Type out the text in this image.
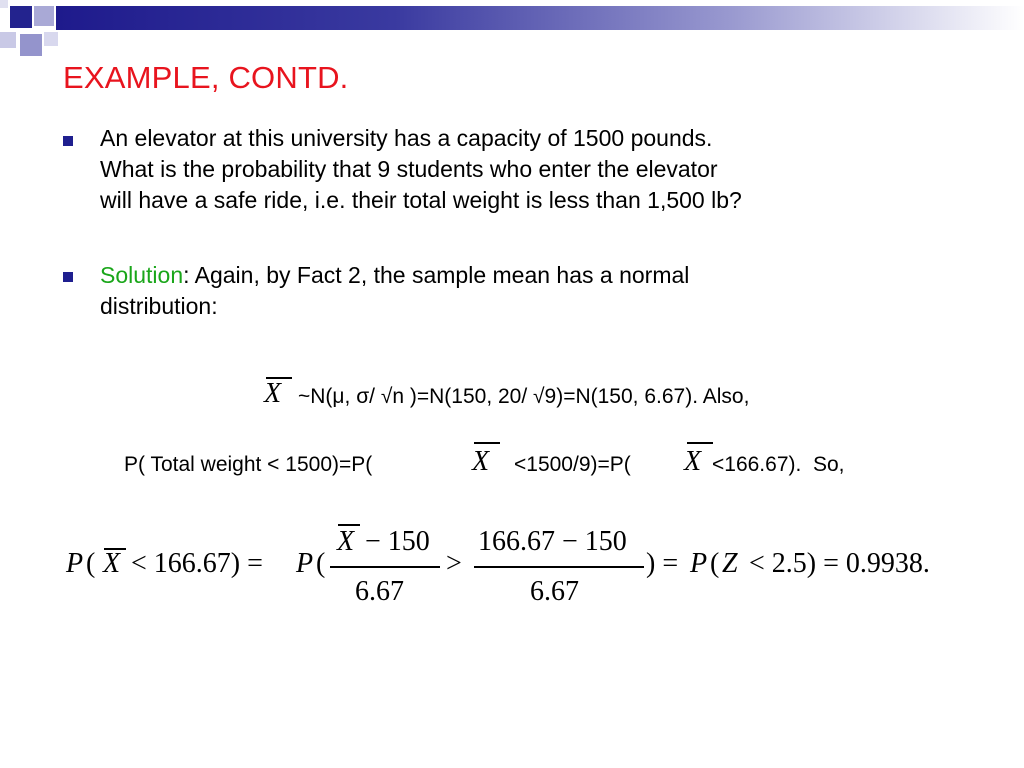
EXAMPLE, CONTD.
An elevator at this university has a capacity of 1500 pounds.
What is the probability that 9 students who enter the elevator
will have a safe ride, i.e. their total weight is less than 1,500 lb?
Solution: Again, by Fact 2, the sample mean has a normal
distribution:
X ~N(μ, σ/ √n )=N(150, 20/ √9)=N(150, 6.67). Also,
P( Total weight < 1500)=P(	X <1500/9)=P( X <166.67).  So,
P ( X < 166.67) = P (
X − 150
6.67
>
166.67 − 150
6.67
) = P ( Z < 2.5) = 0.9938.
